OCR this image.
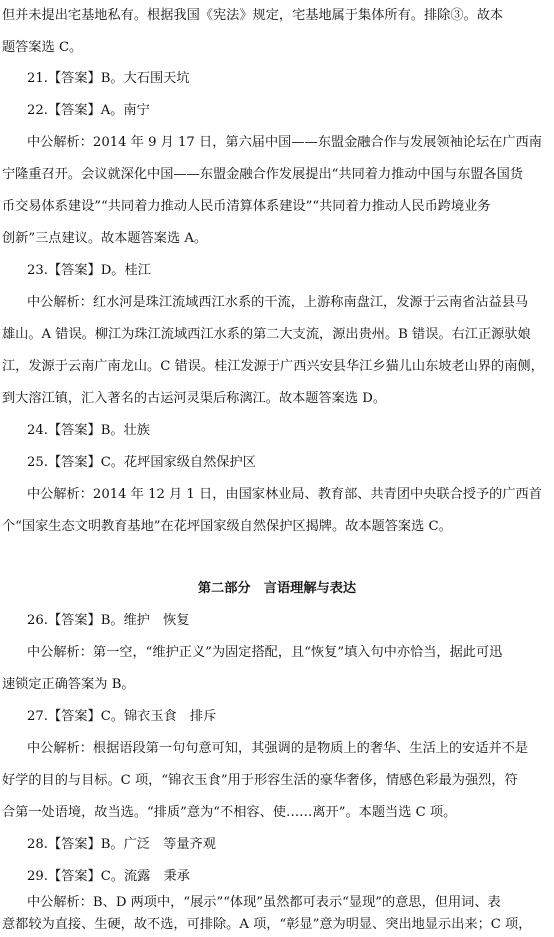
但并未提出宅基地私有。根据我国《宪法》规定，宅基地属于集体所有。排除③。故本
题答案选 C。
21.【答案】B。大石围天坑
22.【答案】A。南宁
中公解析：2014 年 9 月 17 日，第六届中国——东盟金融合作与发展领袖论坛在广西南
宁隆重召开。会议就深化中国——东盟金融合作发展提出“共同着力推动中国与东盟各国货
币交易体系建设”“共同着力推动人民币清算体系建设”“共同着力推动人民币跨境业务
创新”三点建议。故本题答案选 A。
23.【答案】D。桂江
中公解析：红水河是珠江流域西江水系的干流，上游称南盘江，发源于云南省沾益县马
雄山。A 错误。柳江为珠江流域西江水系的第二大支流，源出贵州。B 错误。右江正源驮娘
江，发源于云南广南龙山。C 错误。桂江发源于广西兴安县华江乡猫儿山东坡老山界的南侧，
到大溶江镇，汇入著名的古运河灵渠后称漓江。故本题答案选 D。
24.【答案】B。壮族
25.【答案】C。花坪国家级自然保护区
中公解析：2014 年 12 月 1 日，由国家林业局、教育部、共青团中央联合授予的广西首
个“国家生态文明教育基地”在花坪国家级自然保护区揭牌。故本题答案选 C。
第二部分　言语理解与表达
26.【答案】B。维护　恢复
中公解析：第一空，“维护正义”为固定搭配，且“恢复”填入句中亦恰当，据此可迅
速锁定正确答案为 B。
27.【答案】C。锦衣玉食　排斥
中公解析：根据语段第一句句意可知，其强调的是物质上的奢华、生活上的安适并不是
好学的目的与目标。C 项，“锦衣玉食”用于形容生活的豪华奢侈，情感色彩最为强烈，符
合第一处语境，故当选。“排质”意为“不相容、使……离开”。本题当选 C 项。
28.【答案】B。广泛　等量齐观
29.【答案】C。流露　秉承
中公解析：B、D 两项中，“展示”“体现”虽然都可表示“显现”的意思，但用词、表
意都较为直接、生硬，故不选，可排除。A 项，“彰显”意为明显、突出地显示出来；C 项，
